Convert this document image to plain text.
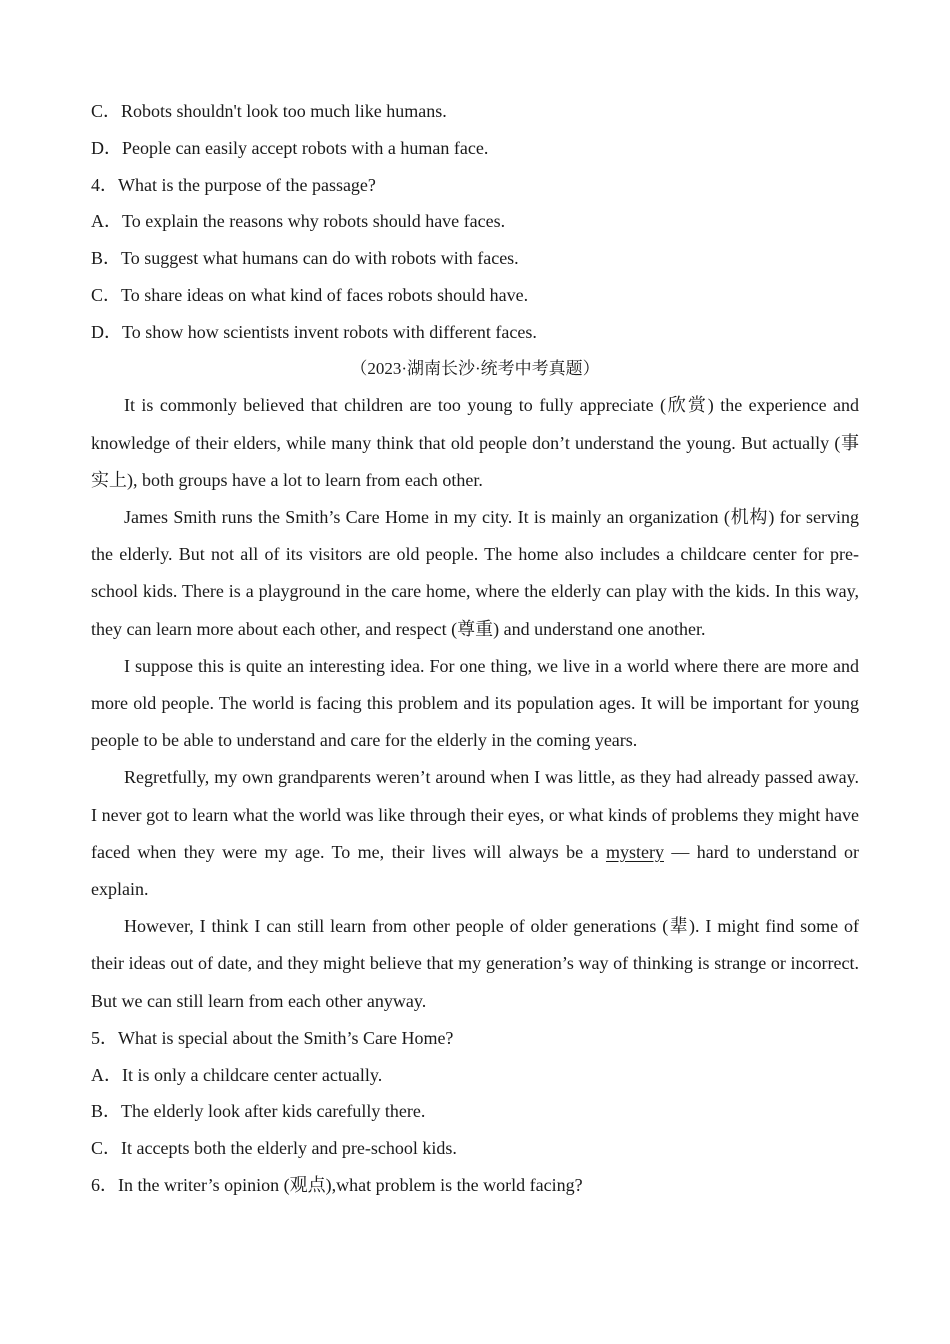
C．Robots shouldn't look too much like humans.
D．People can easily accept robots with a human face.
4．What is the purpose of the passage?
A．To explain the reasons why robots should have faces.
B．To suggest what humans can do with robots with faces.
C．To share ideas on what kind of faces robots should have.
D．To show how scientists invent robots with different faces.
（2023·湖南长沙·统考中考真题）

It is commonly believed that children are too young to fully appreciate (欣赏) the experience and knowledge of their elders, while many think that old people don’t understand the young. But actually (事实上), both groups have a lot to learn from each other.

James Smith runs the Smith’s Care Home in my city. It is mainly an organization (机构) for serving the elderly. But not all of its visitors are old people. The home also includes a childcare center for pre-school kids. There is a playground in the care home, where the elderly can play with the kids. In this way, they can learn more about each other, and respect (尊重) and understand one another.

I suppose this is quite an interesting idea. For one thing, we live in a world where there are more and more old people. The world is facing this problem and its population ages. It will be important for young people to be able to understand and care for the elderly in the coming years.

Regretfully, my own grandparents weren’t around when I was little, as they had already passed away. I never got to learn what the world was like through their eyes, or what kinds of problems they might have faced when they were my age. To me, their lives will always be a mystery — hard to understand or explain.

However, I think I can still learn from other people of older generations (辈). I might find some of their ideas out of date, and they might believe that my generation’s way of thinking is strange or incorrect. But we can still learn from each other anyway.

5．What is special about the Smith’s Care Home?
A．It is only a childcare center actually.
B．The elderly look after kids carefully there.
C．It accepts both the elderly and pre-school kids.
6．In the writer’s opinion (观点),what problem is the world facing?
